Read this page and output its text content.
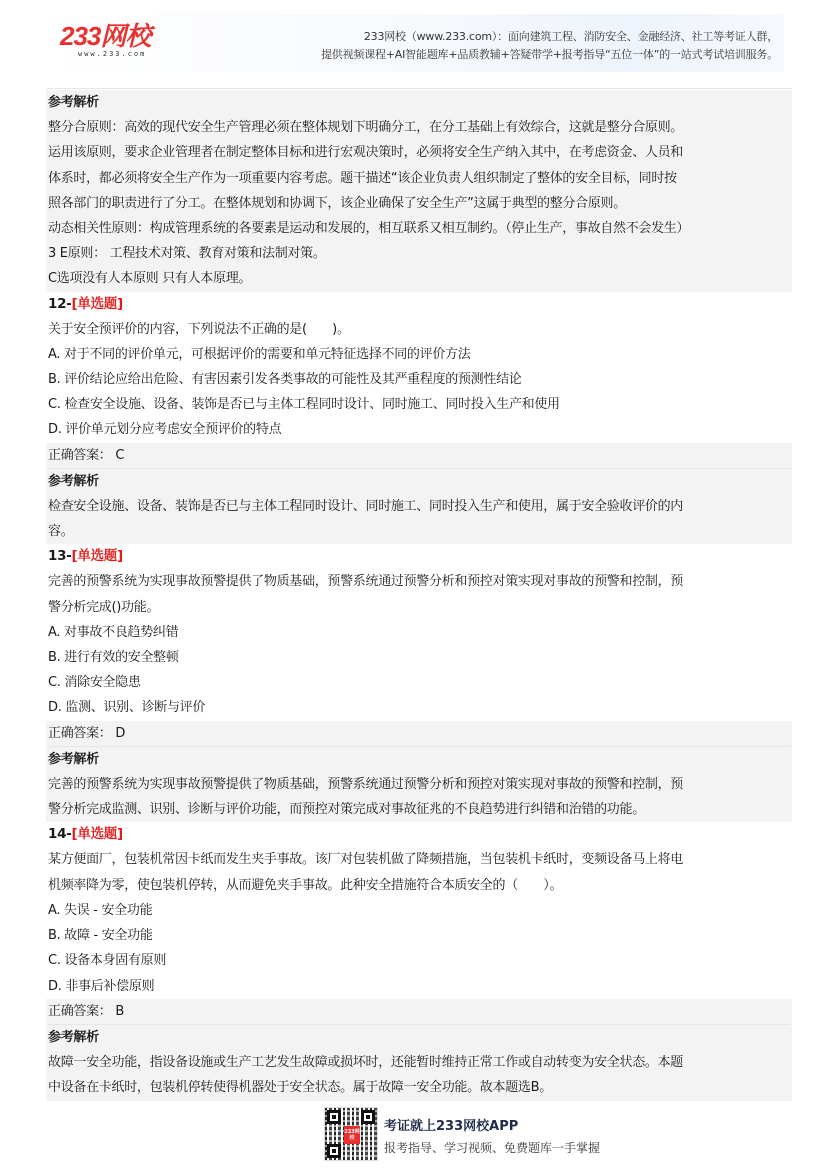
233网校
www.233.com
233网校（www.233.com）：面向建筑工程、消防安全、金融经济、社工等考证人群，
提供视频课程+AI智能题库+品质教辅+答疑带学+报考指导“五位一体”的一站式考试培训服务。
参考解析
整分合原则：高效的现代安全生产管理必须在整体规划下明确分工，在分工基础上有效综合，这就是整分合原则。
运用该原则，要求企业管理者在制定整体目标和进行宏观决策时，必须将安全生产纳入其中，在考虑资金、人员和
体系时，都必须将安全生产作为一项重要内容考虑。题干描述“该企业负责人组织制定了整体的安全目标，同时按
照各部门的职责进行了分工。在整体规划和协调下，该企业确保了安全生产”这属于典型的整分合原则。
动态相关性原则：构成管理系统的各要素是运动和发展的，相互联系又相互制约。（停止生产，事故自然不会发生）
3 E原则： 工程技术对策、教育对策和法制对策。
C选项没有人本原则 只有人本原理。
12-[单选题]
关于安全预评价的内容，下列说法不正确的是(　　)。
A. 对于不同的评价单元，可根据评价的需要和单元特征选择不同的评价方法
B. 评价结论应给出危险、有害因素引发各类事故的可能性及其严重程度的预测性结论
C. 检查安全设施、设备、装饰是否已与主体工程同时设计、同时施工、同时投入生产和使用
D. 评价单元划分应考虑安全预评价的特点
正确答案： C
参考解析
检查安全设施、设备、装饰是否已与主体工程同时设计、同时施工、同时投入生产和使用，属于安全验收评价的内
容。
13-[单选题]
完善的预警系统为实现事故预警提供了物质基础，预警系统通过预警分析和预控对策实现对事故的预警和控制，预
警分析完成()功能。
A. 对事故不良趋势纠错
B. 进行有效的安全整顿
C. 消除安全隐患
D. 监测、识别、诊断与评价
正确答案： D
参考解析
完善的预警系统为实现事故预警提供了物质基础，预警系统通过预警分析和预控对策实现对事故的预警和控制，预
警分析完成监测、识别、诊断与评价功能，而预控对策完成对事故征兆的不良趋势进行纠错和治错的功能。
14-[单选题]
某方便面厂，包装机常因卡纸而发生夹手事故。该厂对包装机做了降频措施，当包装机卡纸时，变频设备马上将电
机频率降为零，使包装机停转，从而避免夹手事故。此种安全措施符合本质安全的（　　）。
A. 失误 - 安全功能
B. 故障 - 安全功能
C. 设备本身固有原则
D. 非事后补偿原则
正确答案： B
参考解析
故障一安全功能，指设备设施或生产工艺发生故障或损坏时，还能暂时维持正常工作或自动转变为安全状态。本题
中设备在卡纸时，包装机停转使得机器处于安全状态。属于故障一安全功能。故本题选B。
233网校
考证就上233网校APP
报考指导、学习视频、免费题库一手掌握
